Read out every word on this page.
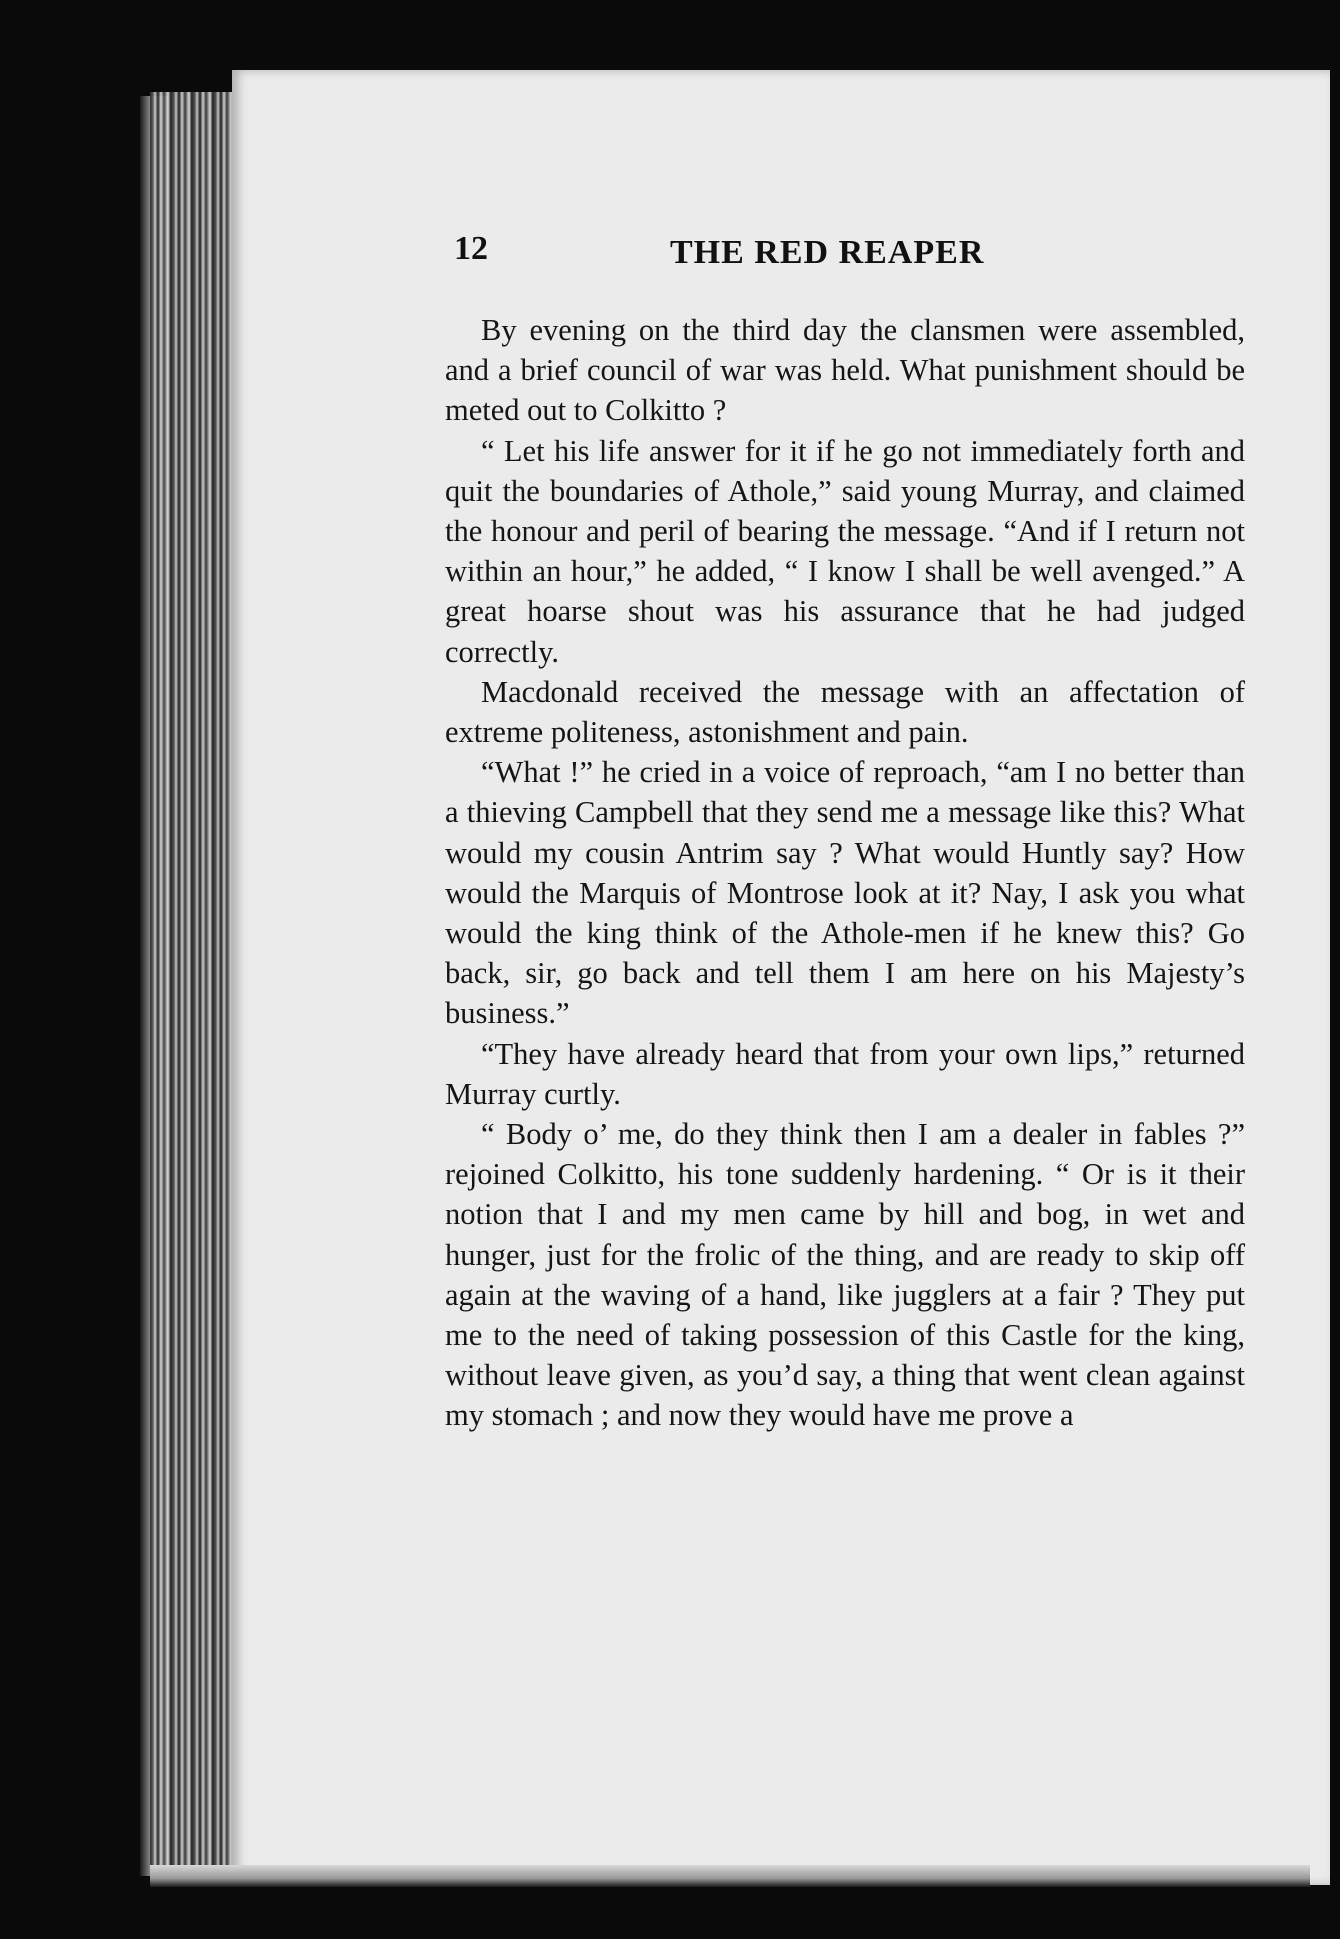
12	THE RED REAPER

By evening on the third day the clansmen were assembled, and a brief council of war was held. What punishment should be meted out to Colkitto ?

“ Let his life answer for it if he go not immediately forth and quit the boundaries of Athole,” said young Murray, and claimed the honour and peril of bearing the message. “And if I return not within an hour,” he added, “ I know I shall be well avenged.” A great hoarse shout was his assurance that he had judged correctly.

Macdonald received the message with an affectation of extreme politeness, astonishment and pain.

“What !” he cried in a voice of reproach, “am I no better than a thieving Campbell that they send me a message like this? What would my cousin Antrim say ? What would Huntly say? How would the Marquis of Montrose look at it? Nay, I ask you what would the king think of the Athole-men if he knew this? Go back, sir, go back and tell them I am here on his Majesty’s business.”

“They have already heard that from your own lips,” returned Murray curtly.

“ Body o’ me, do they think then I am a dealer in fables ?” rejoined Colkitto, his tone suddenly hardening. “ Or is it their notion that I and my men came by hill and bog, in wet and hunger, just for the frolic of the thing, and are ready to skip off again at the waving of a hand, like jugglers at a fair ? They put me to the need of taking possession of this Castle for the king, without leave given, as you’d say, a thing that went clean against my stomach ; and now they would have me prove a
